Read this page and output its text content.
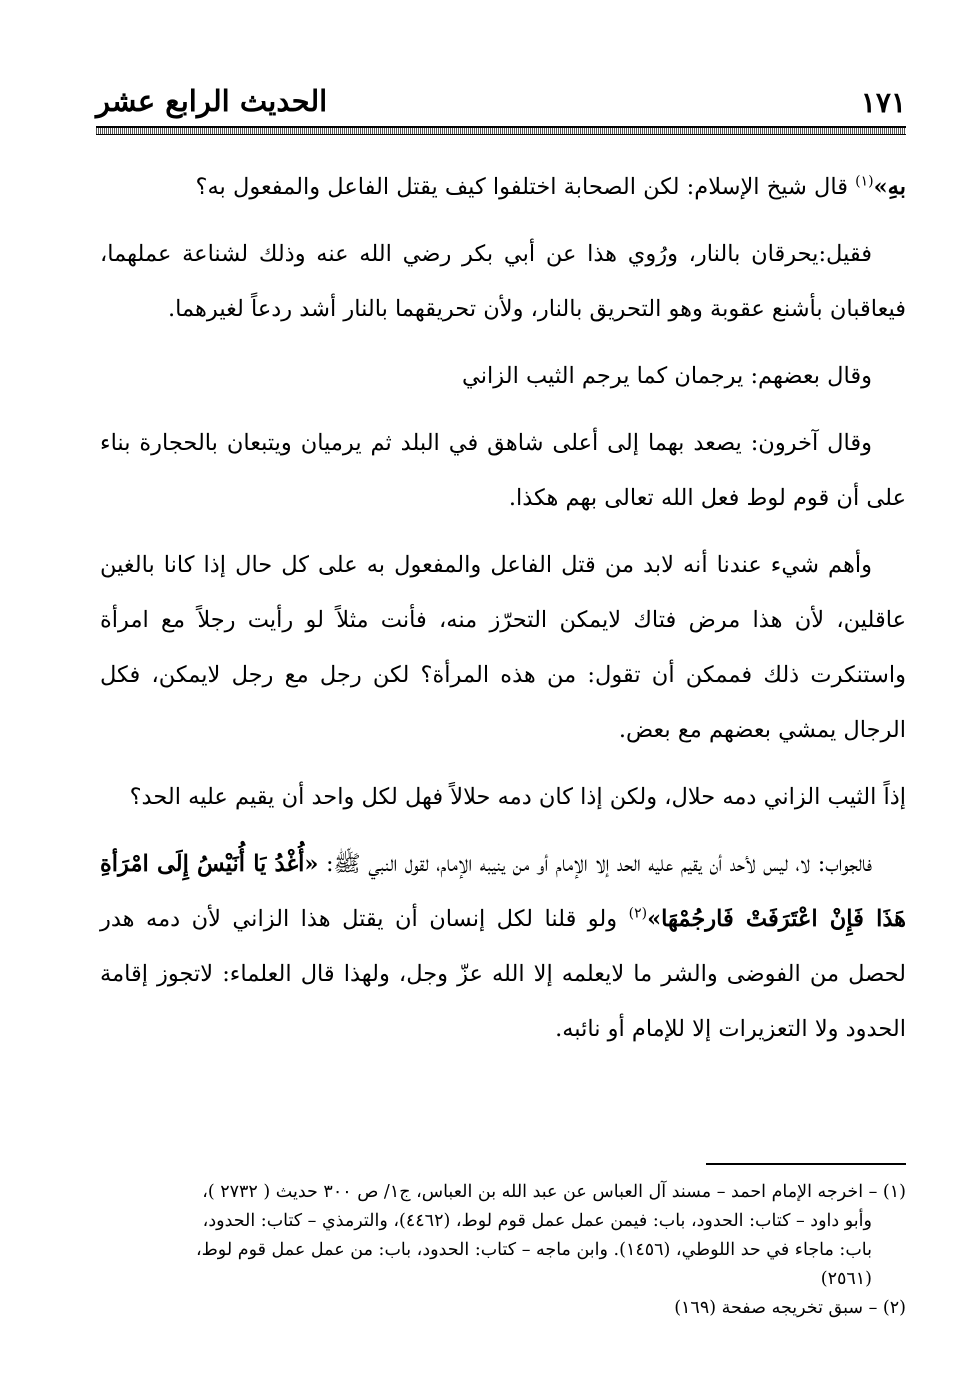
١٧١
الحديث الرابع عشر

بهِ»$^{(١)}$ قال شيخ الإسلام: لكن الصحابة اختلفوا كيف يقتل الفاعل والمفعول به؟

فقيل:يحرقان بالنار، ورُوي هذا عن أبي بكر رضي الله عنه وذلك لشناعة عملهما، فيعاقبان بأشنع عقوبة وهو التحريق بالنار، ولأن تحريقهما بالنار أشد ردعاً لغيرهما.

وقال بعضهم: يرجمان كما يرجم الثيب الزاني

وقال آخرون: يصعد بهما إلى أعلى شاهق في البلد ثم يرميان ويتبعان بالحجارة بناء على أن قوم لوط فعل الله تعالى بهم هكذا.

وأهم شيء عندنا أنه لابد من قتل الفاعل والمفعول به على كل حال إذا كانا بالغين عاقلين، لأن هذا مرض فتاك لايمكن التحرّز منه، فأنت مثلاً لو رأيت رجلاً مع امرأة واستنكرت ذلك فممكن أن تقول: من هذه المرأة؟ لكن رجل مع رجل لايمكن، فكل الرجال يمشي بعضهم مع بعض.

إذاً الثيب الزاني دمه حلال، ولكن إذا كان دمه حلالاً فهل لكل واحد أن يقيم عليه الحد؟

فالجواب: لا، ليس لأحد أن يقيم عليه الحد إلا الإمام أو من ينيبه الإمام، لقول النبي ﷺ: «أُغْدُ يَا أُنَيْسُ إِلَى امْرَأةِ هَذَا فَإِنْ اعْتَرَفَتْ فَارجُمْهَا»$^{(٢)}$ ولو قلنا لكل إنسان أن يقتل هذا الزاني لأن دمه هدر لحصل من الفوضى والشر ما لايعلمه إلا الله عزّ وجل، ولهذا قال العلماء: لاتجوز إقامة الحدود ولا التعزيرات إلا للإمام أو نائبه.

(١) – اخرجه الإمام احمد – مسند آل العباس عن عبد الله بن العباس، ج١/ ص ٣٠٠ حديث ( ٢٧٣٢ )،

وأبو داود – كتاب: الحدود، باب: فيمن عمل عمل قوم لوط، (٤٤٦٢)، والترمذي – كتاب: الحدود،

باب: ماجاء في حد اللوطي، (١٤٥٦). وابن ماجه – كتاب: الحدود، باب: من عمل عمل قوم لوط،

(٢٥٦١)

(٢) – سبق تخريجه صفحة (١٦٩)
